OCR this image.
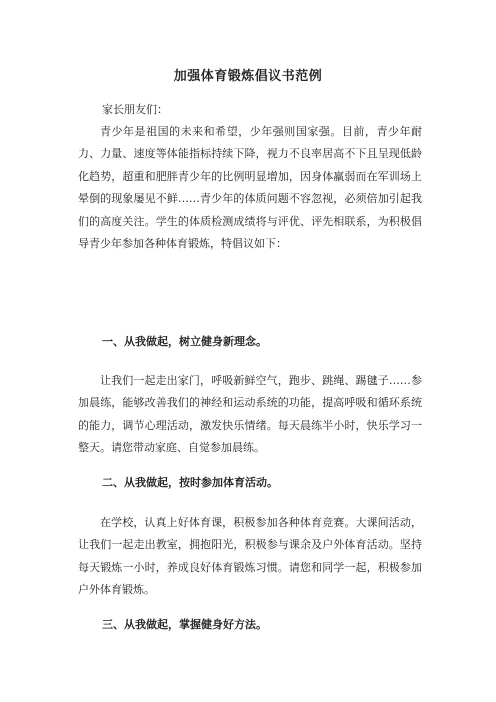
加强体育锻炼倡议书范例
家长朋友们：
青少年是祖国的未来和希望，少年强则国家强。目前，青少年耐力、力量、速度等体能指标持续下降，视力不良率居高不下且呈现低龄化趋势，超重和肥胖青少年的比例明显增加，因身体羸弱而在军训场上晕倒的现象屡见不鲜……青少年的体质问题不容忽视，必须倍加引起我们的高度关注。学生的体质检测成绩将与评优、评先相联系，为积极倡导青少年参加各种体育锻炼，特倡议如下：
一、从我做起，树立健身新理念。
让我们一起走出家门，呼吸新鲜空气，跑步、跳绳、踢毽子……参加晨练，能够改善我们的神经和运动系统的功能，提高呼吸和循环系统的能力，调节心理活动，激发快乐情绪。每天晨练半小时，快乐学习一整天。请您带动家庭、自觉参加晨练。
二、从我做起，按时参加体育活动。
在学校，认真上好体育课，积极参加各种体育竞赛。大课间活动，让我们一起走出教室，拥抱阳光，积极参与课余及户外体育活动。坚持每天锻炼一小时，养成良好体育锻炼习惯。请您和同学一起，积极参加户外体育锻炼。
三、从我做起，掌握健身好方法。
